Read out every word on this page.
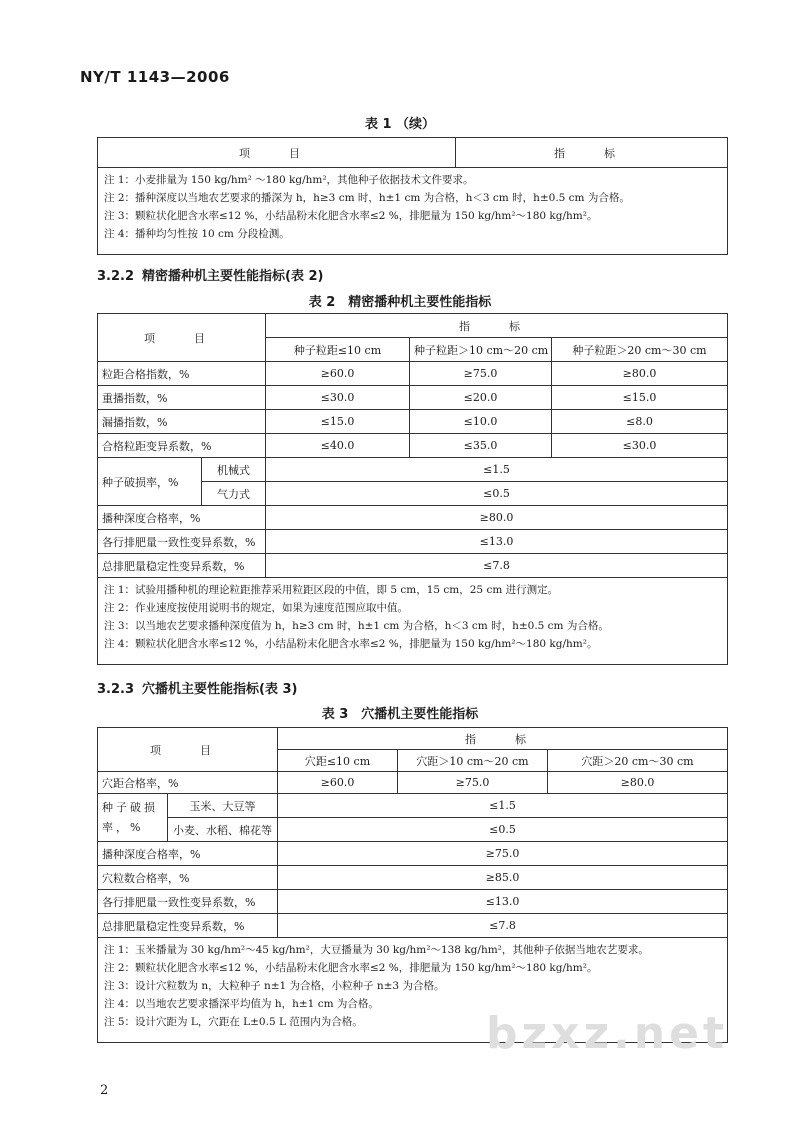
NY/T 1143—2006
表 1 （续）
项　目	指　标

注 1：小麦排量为 150 kg/hm² ～180 kg/hm²，其他种子依据技术文件要求。
注 2：播种深度以当地农艺要求的播深为 h，h≥3 cm 时，h±1 cm 为合格，h＜3 cm 时，h±0.5 cm 为合格。
注 3：颗粒状化肥含水率≤12 %，小结晶粉末化肥含水率≤2 %，排肥量为 150 kg/hm²～180 kg/hm²。
注 4：播种均匀性按 10 cm 分段检测。
3.2.2 精密播种机主要性能指标(表 2)
表 2　精密播种机主要性能指标
项　目		指　标		
		种子粒距≤10 cm	种子粒距＞10 cm～20 cm	种子粒距＞20 cm～30 cm
粒距合格指数，%		≥60.0	≥75.0	≥80.0
重播指数，%		≤30.0	≤20.0	≤15.0
漏播指数，%		≤15.0	≤10.0	≤8.0
合格粒距变异系数，%		≤40.0	≤35.0	≤30.0
种子破损率，%	机械式	≤1.5		
	气力式	≤0.5		
播种深度合格率，%		≥80.0		
各行排肥量一致性变异系数，%		≤13.0		
总排肥量稳定性变异系数，%		≤7.8		

注 1：试验用播种机的理论粒距推荐采用粒距区段的中值，即 5 cm，15 cm，25 cm 进行测定。
注 2：作业速度按使用说明书的规定，如果为速度范围应取中值。
注 3：以当地农艺要求播种深度值为 h，h≥3 cm 时，h±1 cm 为合格，h＜3 cm 时，h±0.5 cm 为合格。
注 4：颗粒状化肥含水率≤12 %，小结晶粉末化肥含水率≤2 %，排肥量为 150 kg/hm²～180 kg/hm²。				
3.2.3 穴播机主要性能指标(表 3)
表 3　穴播机主要性能指标
项　目		指　标		
		穴距≤10 cm	穴距＞10 cm～20 cm	穴距＞20 cm～30 cm
穴距合格率，%		≥60.0	≥75.0	≥80.0
种子破损率，%	玉米、大豆等	≤1.5		
	小麦、水稻、棉花等	≤0.5		
播种深度合格率，%		≥75.0		
穴粒数合格率，%		≥85.0		
各行排肥量一致性变异系数，%		≤13.0		
总排肥量稳定性变异系数，%		≤7.8		

注 1：玉米播量为 30 kg/hm²～45 kg/hm²，大豆播量为 30 kg/hm²～138 kg/hm²，其他种子依据当地农艺要求。
注 2：颗粒状化肥含水率≤12 %，小结晶粉末化肥含水率≤2 %，排肥量为 150 kg/hm²～180 kg/hm²。
注 3：设计穴粒数为 n，大粒种子 n±1 为合格，小粒种子 n±3 为合格。
注 4：以当地农艺要求播深平均值为 h，h±1 cm 为合格。
注 5：设计穴距为 L，穴距在 L±0.5 L 范围内为合格。					bzxz.net
2
